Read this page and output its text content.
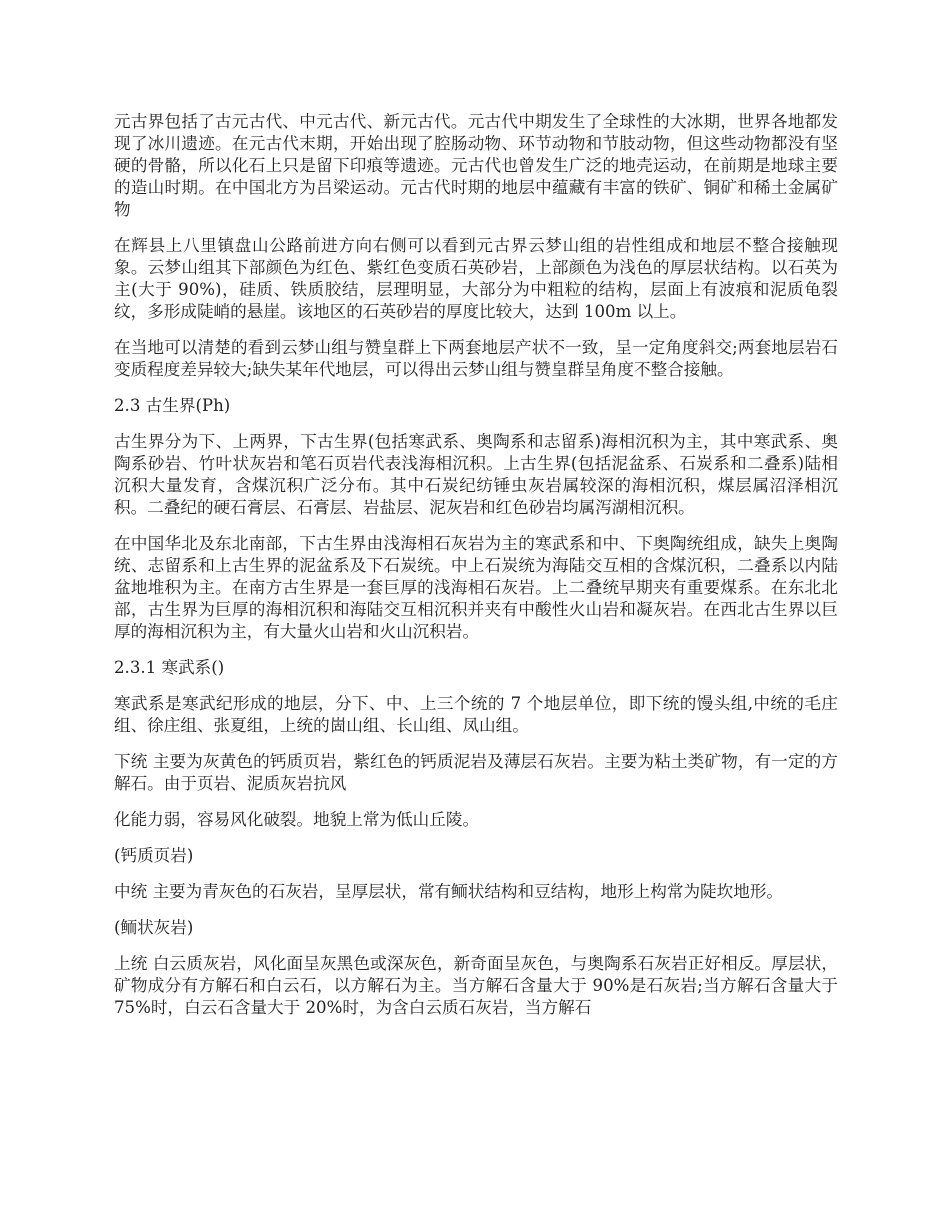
元古界包括了古元古代、中元古代、新元古代。元古代中期发生了全球性的大冰期，世界各地都发现了冰川遗迹。在元古代末期，开始出现了腔肠动物、环节动物和节肢动物，但这些动物都没有坚硬的骨骼，所以化石上只是留下印痕等遗迹。元古代也曾发生广泛的地壳运动，在前期是地球主要的造山时期。在中国北方为吕梁运动。元古代时期的地层中蕴藏有丰富的铁矿、铜矿和稀土金属矿物

在辉县上八里镇盘山公路前进方向右侧可以看到元古界云梦山组的岩性组成和地层不整合接触现象。云梦山组其下部颜色为红色、紫红色变质石英砂岩，上部颜色为浅色的厚层状结构。以石英为主(大于 90%)，硅质、铁质胶结，层理明显，大部分为中粗粒的结构，层面上有波痕和泥质龟裂纹，多形成陡峭的悬崖。该地区的石英砂岩的厚度比较大，达到 100m 以上。

在当地可以清楚的看到云梦山组与赞皇群上下两套地层产状不一致，呈一定角度斜交;两套地层岩石变质程度差异较大;缺失某年代地层，可以得出云梦山组与赞皇群呈角度不整合接触。

2.3 古生界(Ph)

古生界分为下、上两界，下古生界(包括寒武系、奥陶系和志留系)海相沉积为主，其中寒武系、奥陶系砂岩、竹叶状灰岩和笔石页岩代表浅海相沉积。上古生界(包括泥盆系、石炭系和二叠系)陆相沉积大量发育，含煤沉积广泛分布。其中石炭纪纺锤虫灰岩属较深的海相沉积，煤层属沼泽相沉积。二叠纪的硬石膏层、石膏层、岩盐层、泥灰岩和红色砂岩均属泻湖相沉积。

在中国华北及东北南部，下古生界由浅海相石灰岩为主的寒武系和中、下奥陶统组成，缺失上奥陶统、志留系和上古生界的泥盆系及下石炭统。中上石炭统为海陆交互相的含煤沉积，二叠系以内陆盆地堆积为主。在南方古生界是一套巨厚的浅海相石灰岩。上二叠统早期夹有重要煤系。在东北北部，古生界为巨厚的海相沉积和海陆交互相沉积并夹有中酸性火山岩和凝灰岩。在西北古生界以巨厚的海相沉积为主，有大量火山岩和火山沉积岩。

2.3.1 寒武系()

寒武系是寒武纪形成的地层，分下、中、上三个统的 7 个地层单位，即下统的馒头组,中统的毛庄组、徐庄组、张夏组，上统的崮山组、长山组、凤山组。

下统 主要为灰黄色的钙质页岩，紫红色的钙质泥岩及薄层石灰岩。主要为粘土类矿物，有一定的方解石。由于页岩、泥质灰岩抗风

化能力弱，容易风化破裂。地貌上常为低山丘陵。

(钙质页岩)

中统 主要为青灰色的石灰岩，呈厚层状，常有鲕状结构和豆结构，地形上构常为陡坎地形。

(鲕状灰岩)

上统 白云质灰岩，风化面呈灰黑色或深灰色，新奇面呈灰色，与奥陶系石灰岩正好相反。厚层状，矿物成分有方解石和白云石，以方解石为主。当方解石含量大于 90%是石灰岩;当方解石含量大于 75%时，白云石含量大于 20%时，为含白云质石灰岩，当方解石
